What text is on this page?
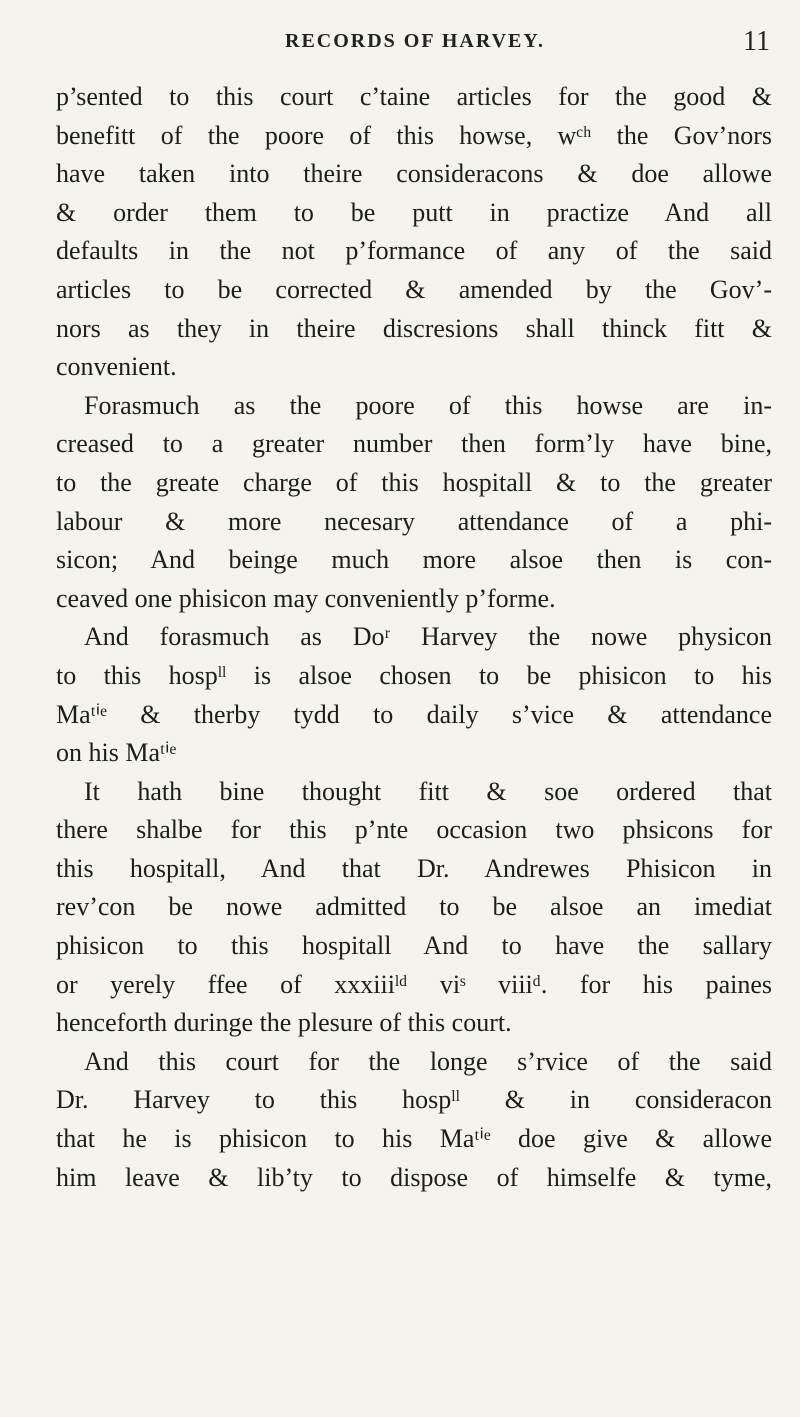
RECORDS OF HARVEY.	11
p’sented to this court c’taine articles for the good &
benefitt of the poore of this howse, wᶜʰ the Gov’nors
have taken into theire consideracons & doe allowe
& order them to be putt in practize And all
defaults in the not p’formance of any of the said
articles to be corrected & amended by the Gov’-
nors as they in theire discresions shall thinck fitt &
convenient.
Forasmuch as the poore of this howse are in-
creased to a greater number then form’ly have bine,
to the greate charge of this hospitall & to the greater
labour & more necesary attendance of a phi-
sicon; And beinge much more alsoe then is con-
ceaved one phisicon may conveniently p’forme.
And forasmuch as Doʳ Harvey the nowe physicon
to this hospˡˡ is alsoe chosen to be phisicon to his
Maᵗⁱᵉ & therby tydd to daily s’vice & attendance
on his Maᵗⁱᵉ
It hath bine thought fitt & soe ordered that
there shalbe for this p’nte occasion two phsicons for
this hospitall, And that Dr. Andrewes Phisicon in
rev’con be nowe admitted to be alsoe an imediat
phisicon to this hospitall And to have the sallary
or yerely ffee of xxxiiiˡᵈ viˢ viiiᵈ. for his paines
henceforth duringe the plesure of this court.
And this court for the longe s’rvice of the said
Dr. Harvey to this hospˡˡ & in consideracon
that he is phisicon to his Maᵗⁱᵉ doe give & allowe
him leave & lib’ty to dispose of himselfe & tyme,
